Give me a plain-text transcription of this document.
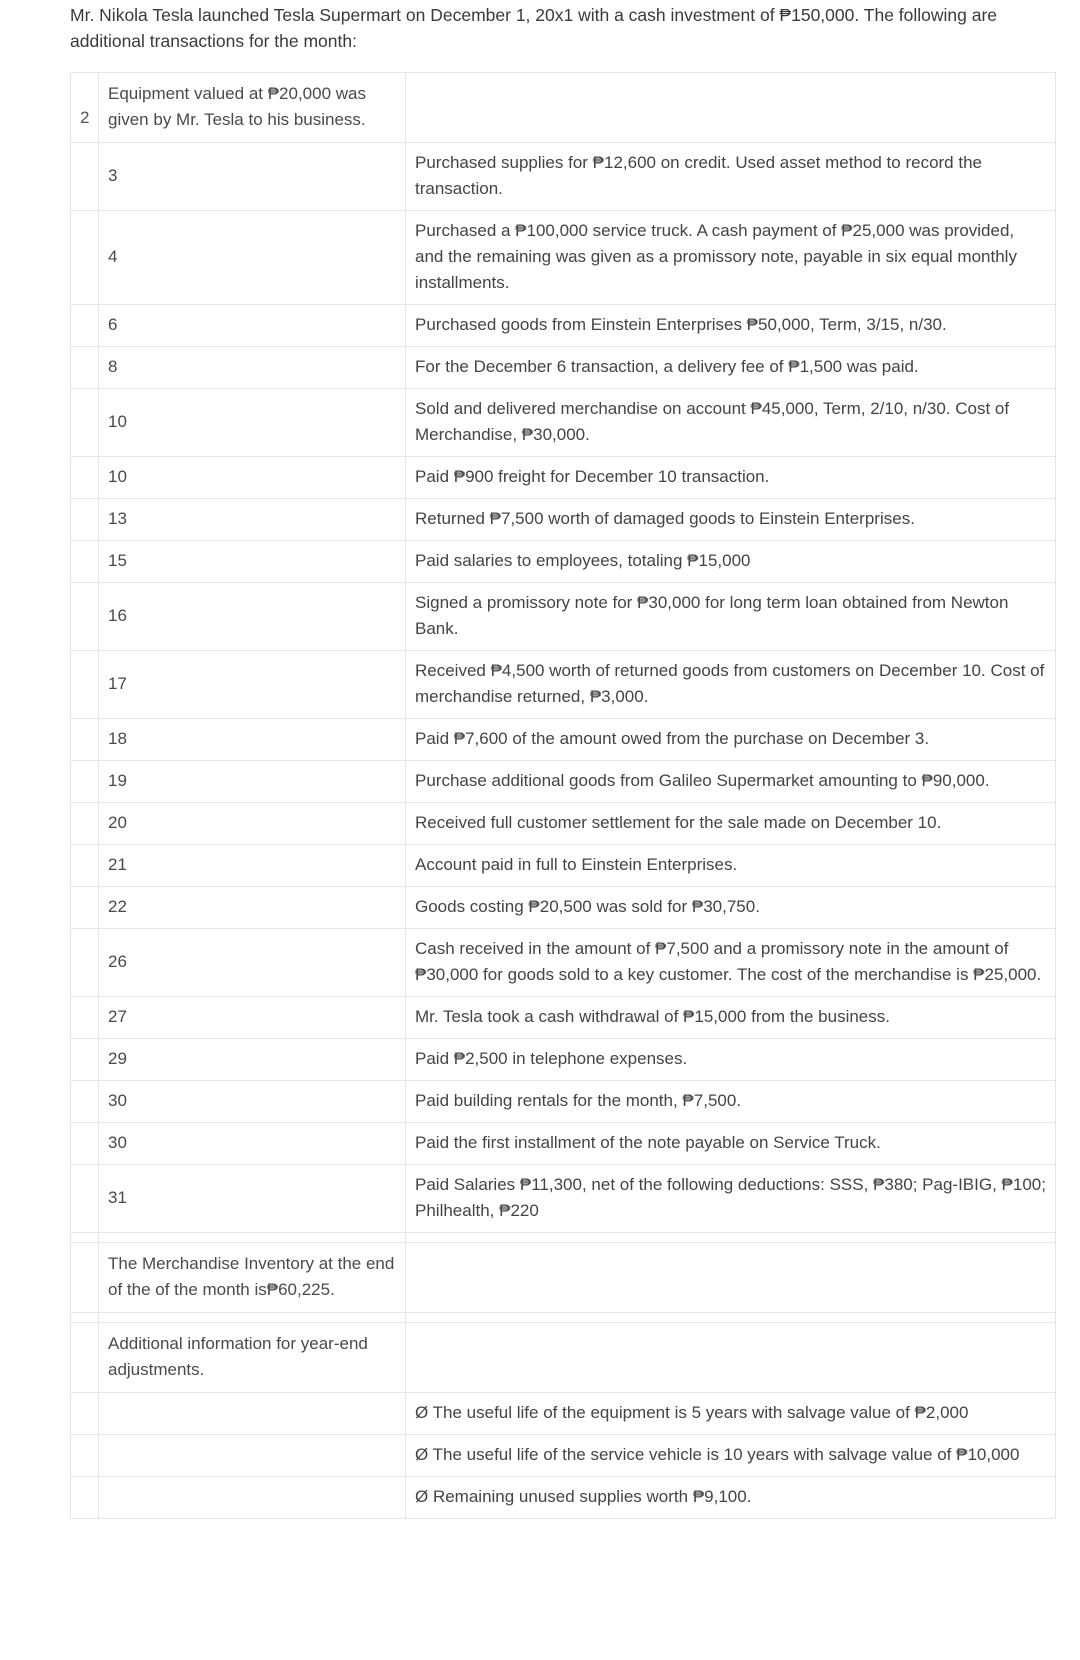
Mr. Nikola Tesla launched Tesla Supermart on December 1, 20x1 with a cash investment of ₱150,000. The following are additional transactions for the month:
2	Equipment valued at ₱20,000 was given by Mr. Tesla to his business.	
	3	Purchased supplies for ₱12,600 on credit. Used asset method to record the transaction.
	4	Purchased a ₱100,000 service truck. A cash payment of ₱25,000 was provided, and the remaining was given as a promissory note, payable in six equal monthly installments.
	6	Purchased goods from Einstein Enterprises ₱50,000, Term, 3/15, n/30.
	8	For the December 6 transaction, a delivery fee of ₱1,500 was paid.
	10	Sold and delivered merchandise on account ₱45,000, Term, 2/10, n/30. Cost of Merchandise, ₱30,000.
	10	Paid ₱900 freight for December 10 transaction.
	13	Returned ₱7,500 worth of damaged goods to Einstein Enterprises.
	15	Paid salaries to employees, totaling ₱15,000
	16	Signed a promissory note for ₱30,000 for long term loan obtained from Newton Bank.
	17	Received ₱4,500 worth of returned goods from customers on December 10. Cost of merchandise returned, ₱3,000.
	18	Paid ₱7,600 of the amount owed from the purchase on December 3.
	19	Purchase additional goods from Galileo Supermarket amounting to ₱90,000.
	20	Received full customer settlement for the sale made on December 10.
	21	Account paid in full to Einstein Enterprises.
	22	Goods costing ₱20,500 was sold for ₱30,750.
	26	Cash received in the amount of ₱7,500 and a promissory note in the amount of ₱30,000 for goods sold to a key customer. The cost of the merchandise is ₱25,000.
	27	Mr. Tesla took a cash withdrawal of ₱15,000 from the business.
	29	Paid ₱2,500 in telephone expenses.
	30	Paid building rentals for the month, ₱7,500.
	30	Paid the first installment of the note payable on Service Truck.
	31	Paid Salaries ₱11,300, net of the following deductions: SSS, ₱380; Pag-IBIG, ₱100; Philhealth, ₱220

	The Merchandise Inventory at the end of the of the month is₱60,225.	

	Additional information for year-end adjustments.	
		Ø The useful life of the equipment is 5 years with salvage value of ₱2,000
		Ø The useful life of the service vehicle is 10 years with salvage value of ₱10,000
		Ø Remaining unused supplies worth ₱9,100.
